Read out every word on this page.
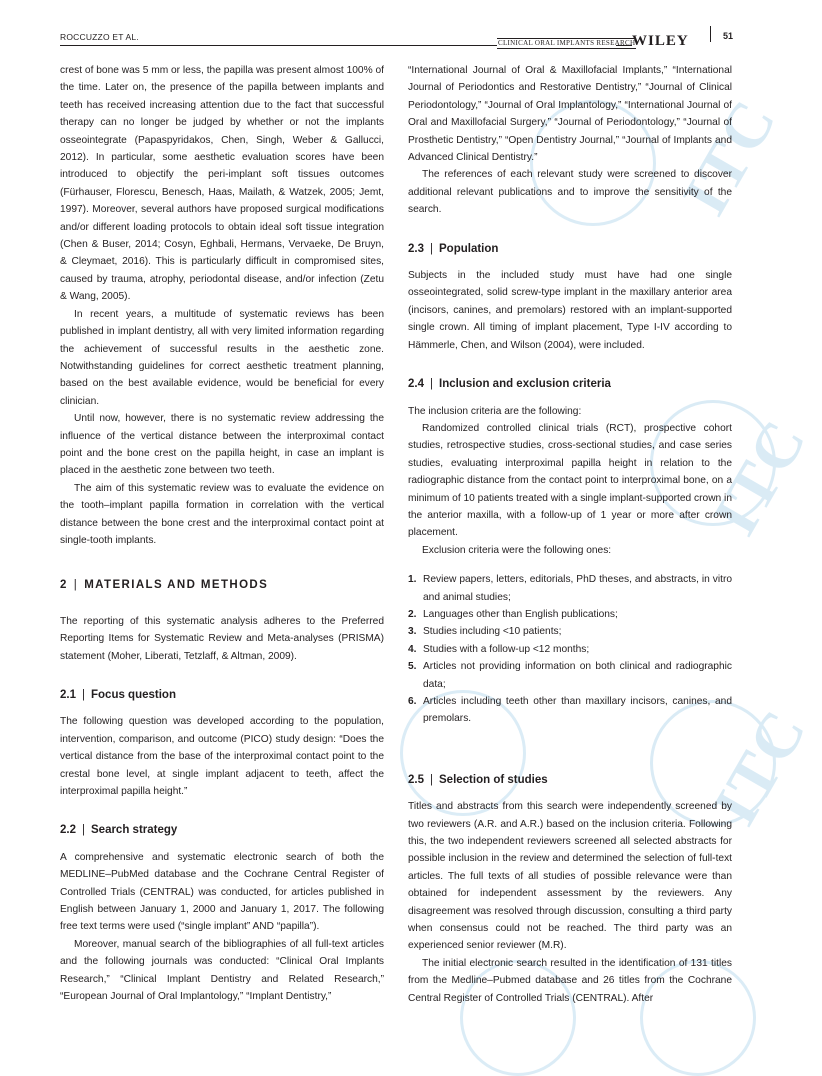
ITC
ITC
ITC
ROCCUZZO ET AL.
CLINICAL ORAL IMPLANTS RESEARCH
WILEY	51

crest of bone was 5 mm or less, the papilla was present almost 100% of the time. Later on, the presence of the papilla between implants and teeth has received increasing attention due to the fact that successful therapy can no longer be judged by whether or not the implants osseointegrate (Papaspyridakos, Chen, Singh, Weber & Gallucci, 2012). In particular, some aesthetic evaluation scores have been introduced to objectify the peri-implant soft tissues outcomes (Fürhauser, Florescu, Benesch, Haas, Mailath, & Watzek, 2005; Jemt, 1997). Moreover, several authors have proposed surgical modifications and/or different loading protocols to obtain ideal soft tissue integration (Chen & Buser, 2014; Cosyn, Eghbali, Hermans, Vervaeke, De Bruyn, & Cleymaet, 2016). This is particularly difficult in compromised sites, caused by trauma, atrophy, periodontal disease, and/or infection (Zetu & Wang, 2005).

In recent years, a multitude of systematic reviews has been published in implant dentistry, all with very limited information regarding the achievement of successful results in the aesthetic zone. Notwithstanding guidelines for correct aesthetic treatment planning, based on the best available evidence, would be beneficial for every clinician.

Until now, however, there is no systematic review addressing the influence of the vertical distance between the interproximal contact point and the bone crest on the papilla height, in case an implant is placed in the aesthetic zone between two teeth.

The aim of this systematic review was to evaluate the evidence on the tooth–implant papilla formation in correlation with the vertical distance between the bone crest and the interproximal contact point at single-tooth implants.

2 | MATERIALS AND METHODS

The reporting of this systematic analysis adheres to the Preferred Reporting Items for Systematic Review and Meta-analyses (PRISMA) statement (Moher, Liberati, Tetzlaff, & Altman, 2009).

2.1 | Focus question

The following question was developed according to the population, intervention, comparison, and outcome (PICO) study design: “Does the vertical distance from the base of the interproximal contact point to the crestal bone level, at single implant adjacent to teeth, affect the interproximal papilla height.”

2.2 | Search strategy

A comprehensive and systematic electronic search of both the MEDLINE–PubMed database and the Cochrane Central Register of Controlled Trials (CENTRAL) was conducted, for articles published in English between January 1, 2000 and January 1, 2017. The following free text terms were used (“single implant” AND “papilla”).

Moreover, manual search of the bibliographies of all full-text articles and the following journals was conducted: “Clinical Oral Implants Research,” “Clinical Implant Dentistry and Related Research,” “European Journal of Oral Implantology,” “Implant Dentistry,”

“International Journal of Oral & Maxillofacial Implants,” “International Journal of Periodontics and Restorative Dentistry,” “Journal of Clinical Periodontology,” “Journal of Oral Implantology,” “International Journal of Oral and Maxillofacial Surgery,” “Journal of Periodontology,” “Journal of Prosthetic Dentistry,” “Open Dentistry Journal,” “Journal of Implants and Advanced Clinical Dentistry.”

The references of each relevant study were screened to discover additional relevant publications and to improve the sensitivity of the search.

2.3 | Population

Subjects in the included study must have had one single osseointegrated, solid screw-type implant in the maxillary anterior area (incisors, canines, and premolars) restored with an implant-supported single crown. All timing of implant placement, Type I-IV according to Hämmerle, Chen, and Wilson (2004), were included.

2.4 | Inclusion and exclusion criteria

The inclusion criteria are the following:

Randomized controlled clinical trials (RCT), prospective cohort studies, retrospective studies, cross-sectional studies, and case series studies, evaluating interproximal papilla height in relation to the radiographic distance from the contact point to interproximal bone, on a minimum of 10 patients treated with a single implant-supported crown in the anterior maxilla, with a follow-up of 1 year or more after crown placement.

Exclusion criteria were the following ones:

1. Review papers, letters, editorials, PhD theses, and abstracts, in vitro and animal studies;
2. Languages other than English publications;
3. Studies including <10 patients;
4. Studies with a follow-up <12 months;
5. Articles not providing information on both clinical and radiographic data;
6. Articles including teeth other than maxillary incisors, canines, and premolars.
2.5 | Selection of studies

Titles and abstracts from this search were independently screened by two reviewers (A.R. and A.R.) based on the inclusion criteria. Following this, the two independent reviewers screened all selected abstracts for possible inclusion in the review and determined the selection of full-text articles. The full texts of all studies of possible relevance were than obtained for independent assessment by the reviewers. Any disagreement was resolved through discussion, consulting a third party when consensus could not be reached. The third party was an experienced senior reviewer (M.R).

The initial electronic search resulted in the identification of 131 titles from the Medline–Pubmed database and 26 titles from the Cochrane Central Register of Controlled Trials (CENTRAL). After
